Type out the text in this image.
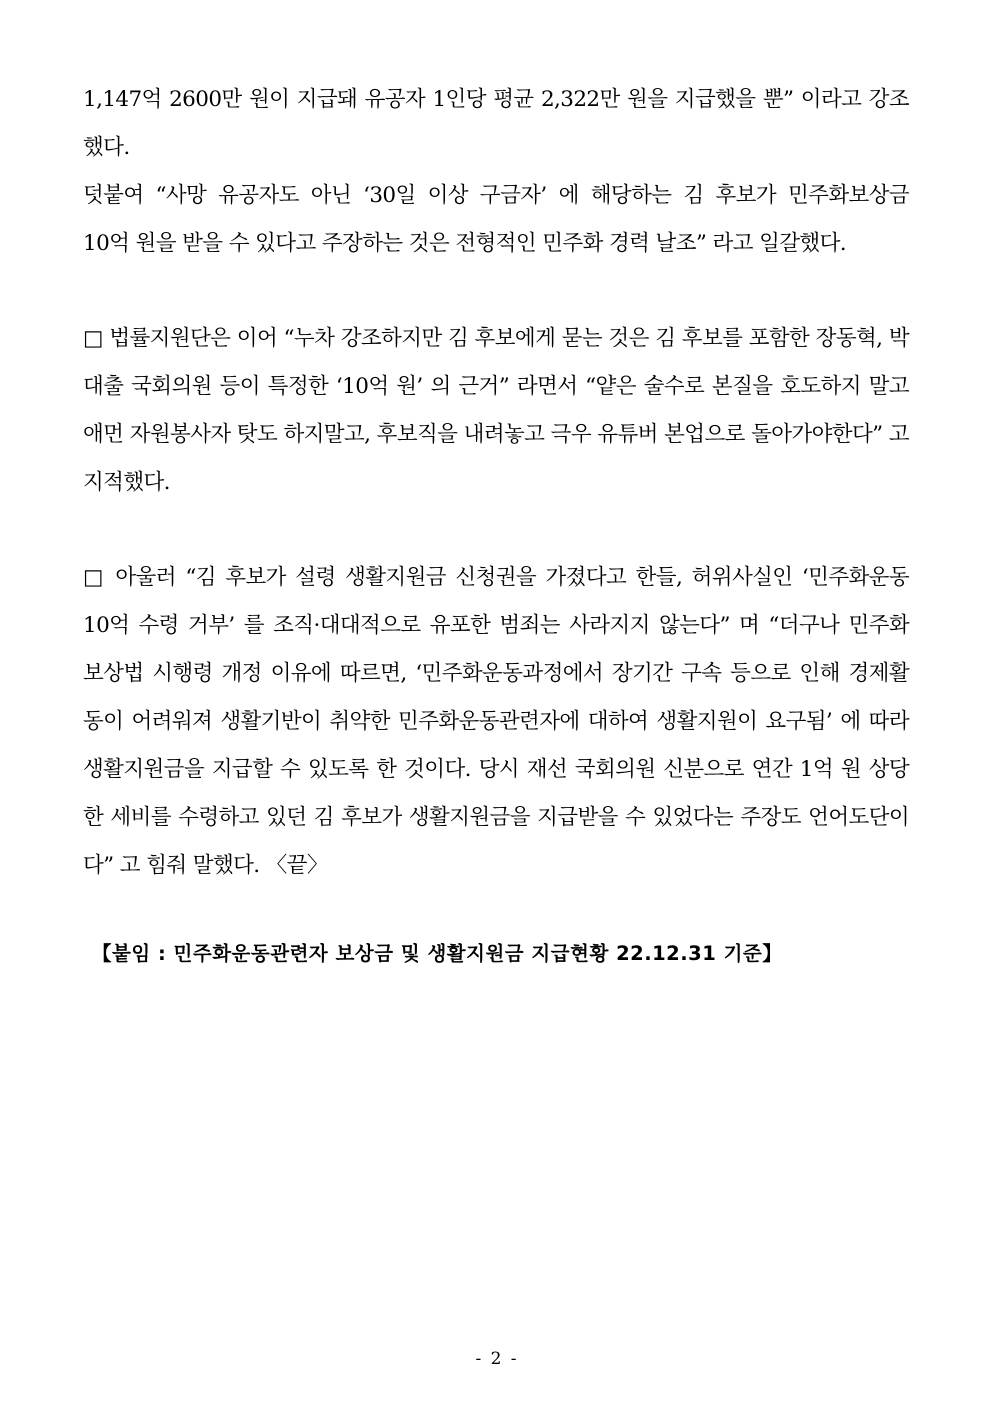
1,147억 2600만 원이 지급돼 유공자 1인당 평균 2,322만 원을 지급했을 뿐” 이라고 강조
했다.
덧붙여 “사망 유공자도 아닌 ‘30일 이상 구금자’ 에 해당하는 김 후보가 민주화보상금
10억 원을 받을 수 있다고 주장하는 것은 전형적인 민주화 경력 날조” 라고 일갈했다.
□ 법률지원단은 이어 “누차 강조하지만 김 후보에게 묻는 것은 김 후보를 포함한 장동혁, 박
대출 국회의원 등이 특정한 ‘10억 원’ 의 근거” 라면서 “얕은 술수로 본질을 호도하지 말고
애먼 자원봉사자 탓도 하지말고, 후보직을 내려놓고 극우 유튜버 본업으로 돌아가야한다” 고
지적했다.
□ 아울러 “김 후보가 설령 생활지원금 신청권을 가졌다고 한들, 허위사실인 ‘민주화운동
10억 수령 거부’ 를 조직·대대적으로 유포한 범죄는 사라지지 않는다” 며 “더구나 민주화
보상법 시행령 개정 이유에 따르면, ‘민주화운동과정에서 장기간 구속 등으로 인해 경제활
동이 어려워져 생활기반이 취약한 민주화운동관련자에 대하여 생활지원이 요구됨’ 에 따라
생활지원금을 지급할 수 있도록 한 것이다. 당시 재선 국회의원 신분으로 연간 1억 원 상당
한 세비를 수령하고 있던 김 후보가 생활지원금을 지급받을 수 있었다는 주장도 언어도단이
다” 고 힘줘 말했다. 〈끝〉
【붙임 : 민주화운동관련자 보상금 및 생활지원금 지급현황 22.12.31 기준】
- 2 -
